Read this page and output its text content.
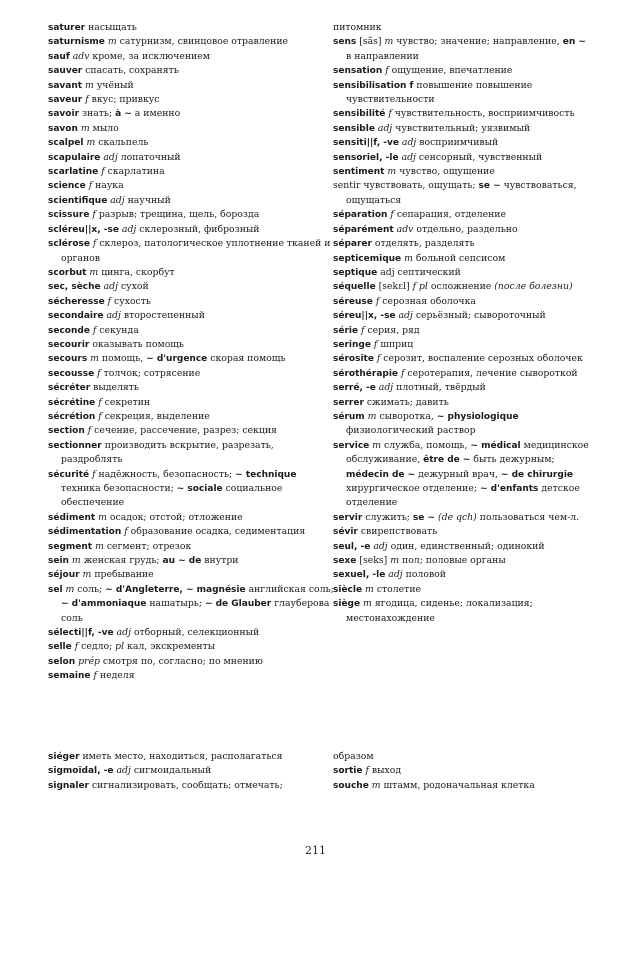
saturer насыщать
saturnisme m сатурнизм, свинцовое отравление
sauf adv кроме, за исключением
sauver спасать, сохранять
savant m учёный
saveur f вкус; привкус
savoir знать; à ~ а именно
savon m мыло
scalpel m скальпель
scapulaire adj лопаточный
scarlatine f скарлатина
science f наука
scientifique adj научный
scissure f разрыв; трещина, щель, борозда
scléreu||x, -se adj склерозный, фиброзный
sclérose f склероз, патологическое уплотнение тканей и органов
scorbut m цинга, скорбут
sec, sèche adj сухой
sécheresse f сухость
secondaire adj второстепенный
seconde f секунда
secourir оказывать помощь
secours m помощь, ~ d'urgence скорая помощь
secousse f толчок; сотрясение
sécréter выделять
sécrétine f секретин
sécrétion f секреция, выделение
section f сечение, рассечение, разрез; секция
sectionner производить вскрытие, разрезать, раздроблять
sécurité f надёжность, безопасность; ~ technique техника безопасности; ~ sociale социальное обеспечение
sédiment m осадок; отстой; отложение
sédimentation f образование осадка, седиментация
segment m сегмент; отрезок
sein m женская грудь; au ~ de внутри
séjour m пребывание
sel m соль; ~ d'Angleterre, ~ magnésie английская соль; ~ d'ammoniaque нашатырь; ~ de Glauber глауберова соль
sélecti||f, -ve adj отборный, селекционный
selle f седло; pl кал, экскременты
selon prép смотря по, согласно; по мнению
semaine f неделя
питомник
sens [sãs] m чувство; значение; направление, en ~ в направлении
sensation f ощущение, впечатление
sensibilisation f повышение повышение чувствительности
sensibilité f чувствительность, восприимчивость
sensible adj чувствительный; уязвимый
sensiti||f, -ve adj восприимчивый
sensoriel, -le adj сенсорный, чувственный
sentiment m чувство, ощущение
sentir чувствовать, ощущать; se ~ чувствоваться, ощущаться
séparation f сепарация, отделение
séparément adv отдельно, раздельно
séparer отделять, разделять
septicemique m больной сепсисом
septique adj септический
séquelle [sekɛl] f pl осложнение (после болезни)
séreuse f серозная оболочка
séreu||x, -se adj серьёзный; сывороточный
série f серия, ряд
seringe f шприц
sérosite f серозит, воспаление серозных оболочек
sérothérapie f серотерапия, лечение сывороткой
serré, -e adj плотный, твёрдый
serrer сжимать; давить
sérum m сыворотка, ~ physiologique физиологический раствор
service m служба, помощь, ~ médical медицинское обслуживание, être de ~ быть дежурным; médecin de ~ дежурный врач, ~ de chirurgie хирургическое отделение; ~ d'enfants детское отделение
servir служить; se ~ (de qch) пользоваться чем-л.
sévir свирепствовать
seul, -e adj один, единственный; одинокий
sexe [seks] m пол; половые органы
sexuel, -le adj половой
siècle m столетие
siège m ягодица, сиденье; локализация; местонахождение
siéger иметь место, находиться, располагаться
sigmoïdal, -e adj сигмоидальный
signaler сигнализировать, сообщать; отмечать;
образом
sortie f выход
souche m штамм, родоначальная клетка
211
